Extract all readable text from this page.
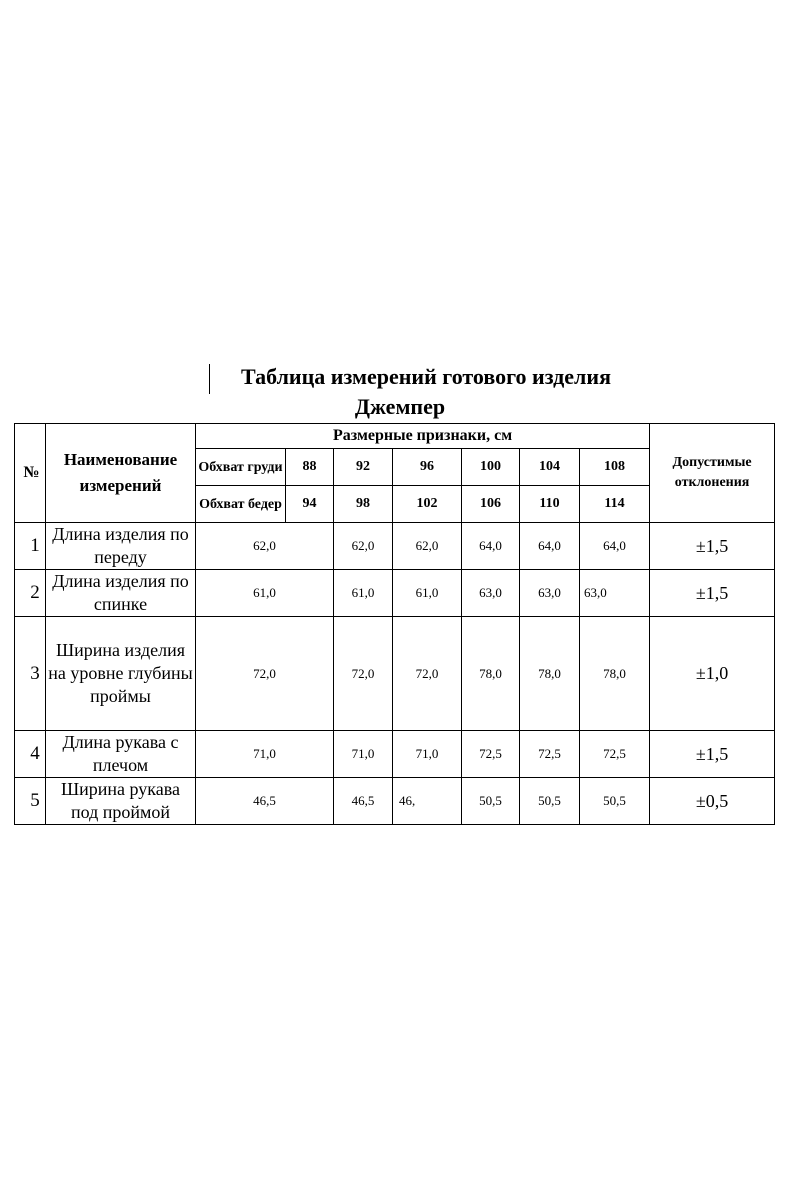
Таблица измерений готового изделия
Джемпер
№	Наименование измерений	Размерные признаки, см							Допустимые отклонения
		Обхват груди	88	92	96	100	104	108	
		Обхват бедер	94	98	102	106	110	114	
1	Длина изделия по переду	62,0		62,0	62,0	64,0	64,0	64,0	±1,5
2	Длина изделия по спинке	61,0		61,0	61,0	63,0	63,0	63,0	±1,5
3	Ширина изделия на уровне глубины проймы	72,0		72,0	72,0	78,0	78,0	78,0	±1,0
4	Длина рукава с плечом	71,0		71,0	71,0	72,5	72,5	72,5	±1,5
5	Ширина рукава под проймой	46,5		46,5	46,	50,5	50,5	50,5	±0,5
